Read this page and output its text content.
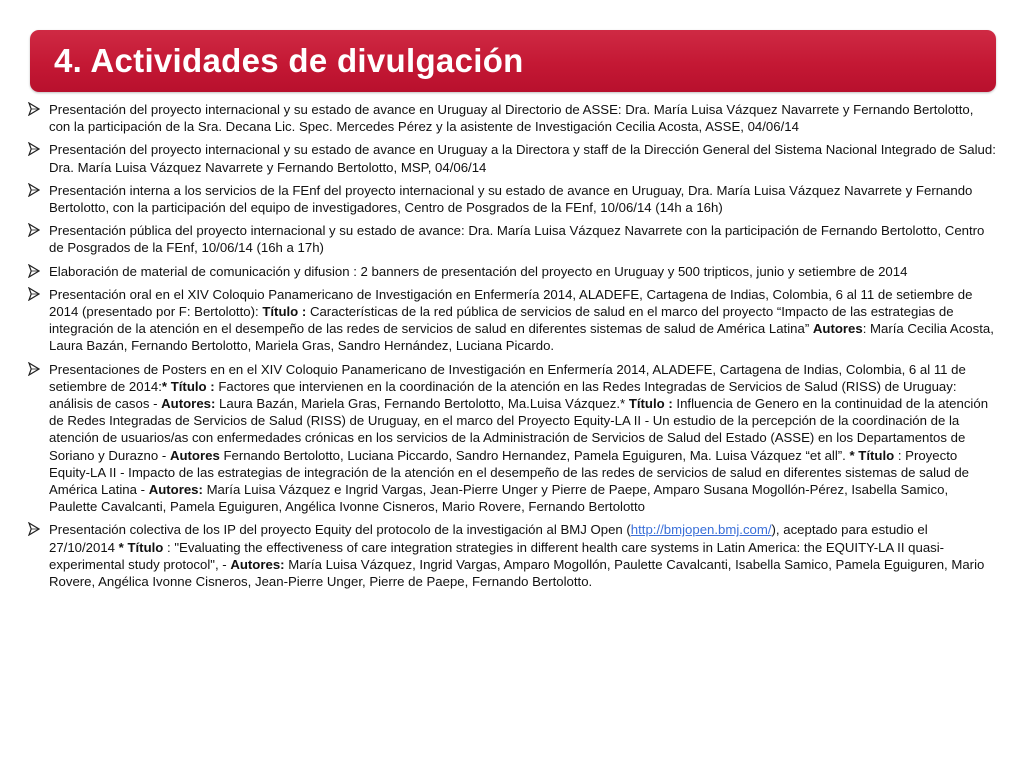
4. Actividades de divulgación
Presentación del proyecto internacional y su estado de avance en Uruguay al Directorio de ASSE: Dra. María Luisa Vázquez Navarrete y Fernando Bertolotto, con la participación de la Sra. Decana Lic. Spec. Mercedes Pérez y la asistente de Investigación Cecilia Acosta, ASSE, 04/06/14
Presentación del proyecto internacional y su estado de avance en Uruguay a la Directora y staff de la Dirección General del Sistema Nacional Integrado de Salud: Dra. María Luisa Vázquez Navarrete y Fernando Bertolotto, MSP, 04/06/14
Presentación interna a los servicios de la FEnf del proyecto internacional y su estado de avance en Uruguay, Dra. María Luisa Vázquez Navarrete y Fernando Bertolotto, con la participación del equipo de investigadores, Centro de Posgrados de la FEnf, 10/06/14 (14h a 16h)
Presentación pública del proyecto internacional y su estado de avance: Dra. María Luisa Vázquez Navarrete con la participación de Fernando Bertolotto, Centro de Posgrados de la FEnf, 10/06/14 (16h a 17h)
Elaboración de material de comunicación y difusion : 2 banners de presentación del proyecto en Uruguay y 500 tripticos, junio y setiembre de 2014
Presentación oral en el XIV Coloquio Panamericano de Investigación en Enfermería 2014, ALADEFE, Cartagena de Indias, Colombia, 6 al 11 de setiembre de 2014 (presentado por F: Bertolotto): Título : Características de la red pública de servicios de salud en el marco del proyecto “Impacto de las estrategias de integración de la atención en el desempeño de las redes de servicios de salud en diferentes sistemas de salud de América Latina” Autores: María Cecilia Acosta, Laura Bazán, Fernando Bertolotto, Mariela Gras, Sandro Hernández, Luciana Picardo.
Presentaciones de Posters en en el XIV Coloquio Panamericano de Investigación en Enfermería 2014, ALADEFE, Cartagena de Indias, Colombia, 6 al 11 de setiembre de 2014:* Título : Factores que intervienen en la coordinación de la atención en las Redes Integradas de Servicios de Salud (RISS) de Uruguay: análisis de casos - Autores: Laura Bazán, Mariela Gras, Fernando Bertolotto, Ma.Luisa Vázquez.* Título : Influencia de Genero en la continuidad de la atención de Redes Integradas de Servicios de Salud (RISS) de Uruguay, en el marco del Proyecto Equity-LA II - Un estudio de la percepción de la coordinación de la atención de usuarios/as con enfermedades crónicas en los servicios de la Administración de Servicios de Salud del Estado (ASSE) en los Departamentos de Soriano y Durazno - Autores Fernando Bertolotto, Luciana Piccardo, Sandro Hernandez, Pamela Eguiguren, Ma. Luisa Vázquez “et all”. * Título : Proyecto Equity-LA II - Impacto de las estrategias de integración de la atención en el desempeño de las redes de servicios de salud en diferentes sistemas de salud de América Latina - Autores: María Luisa Vázquez e Ingrid Vargas, Jean-Pierre Unger y Pierre de Paepe, Amparo Susana Mogollón-Pérez, Isabella Samico, Paulette Cavalcanti, Pamela Eguiguren, Angélica Ivonne Cisneros, Mario Rovere, Fernando Bertolotto
Presentación colectiva de los IP del proyecto Equity del protocolo de la investigación al BMJ Open (http://bmjopen.bmj.com/), aceptado para estudio el 27/10/2014 * Título : "Evaluating the effectiveness of care integration strategies in different health care systems in Latin America: the EQUITY-LA II quasi-experimental study protocol", - Autores: María Luisa Vázquez, Ingrid Vargas, Amparo Mogollón, Paulette Cavalcanti, Isabella Samico, Pamela Eguiguren, Mario Rovere, Angélica Ivonne Cisneros, Jean-Pierre Unger, Pierre de Paepe, Fernando Bertolotto.
